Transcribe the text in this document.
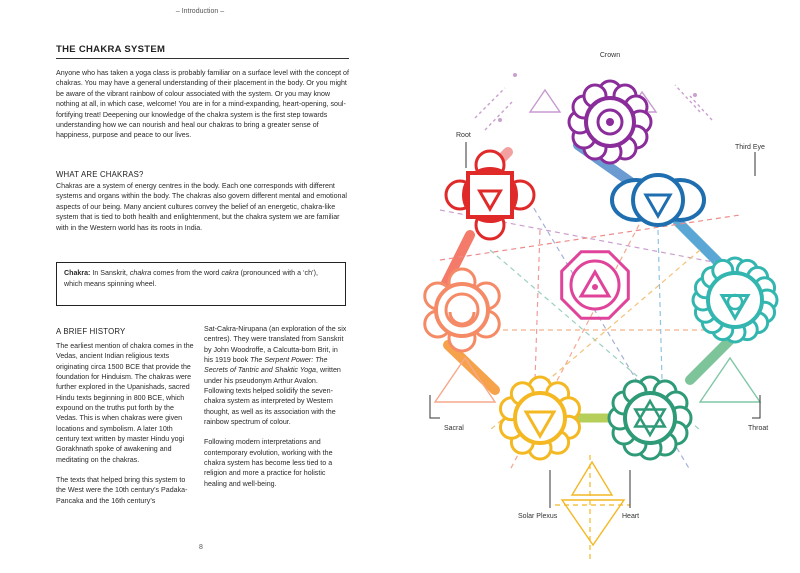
– Introduction –
THE CHAKRA SYSTEM

Anyone who has taken a yoga class is probably familiar on a surface level with the concept of chakras. You may have a general understanding of their placement in the body. Or you might be aware of the vibrant rainbow of colour associated with the system. Or you may know nothing at all, in which case, welcome! You are in for a mind-expanding, heart-opening, soul-fortifying treat! Deepening our knowledge of the chakra system is the first step towards understanding how we can nourish and heal our chakras to bring a greater sense of happiness, purpose and peace to our lives.

WHAT ARE CHAKRAS?

Chakras are a system of energy centres in the body. Each one corresponds with different systems and organs within the body. The chakras also govern different mental and emotional aspects of our being. Many ancient cultures convey the belief of an energetic, chakra-like system that is tied to both health and enlightenment, but the chakra system we are familiar with in the Western world has its roots in India.

Chakra: In Sanskrit, chakra comes from the word cakra (pronounced with a ‘ch’), which means spinning wheel.
A BRIEF HISTORY

The earliest mention of chakra comes in the Vedas, ancient Indian religious texts originating circa 1500 BCE that provide the foundation for Hinduism. The chakras were further explored in the Upanishads, sacred Hindu texts beginning in 800 BCE, which expound on the truths put forth by the Vedas. This is when chakras were given locations and symbolism. A later 10th century text written by master Hindu yogi Gorakhnath spoke of awakening and meditating on the chakras.

The texts that helped bring this system to the West were the 10th century’s Padaka-Pancaka and the 16th century’s

Sat-Cakra-Nirupana (an exploration of the six centres). They were translated from Sanskrit by John Woodroffe, a Calcutta-born Brit, in his 1919 book The Serpent Power: The Secrets of Tantric and Shaktic Yoga, written under his pseudonym Arthur Avalon. Following texts helped solidify the seven-chakra system as interpreted by Western thought, as well as its association with the rainbow spectrum of colour.

Following modern interpretations and contemporary evolution, working with the chakra system has become less tied to a religion and more a practice for holistic healing and well-being.

8
Crown
Root
Third Eye
Sacral	Throat
Solar Plexus	Heart
